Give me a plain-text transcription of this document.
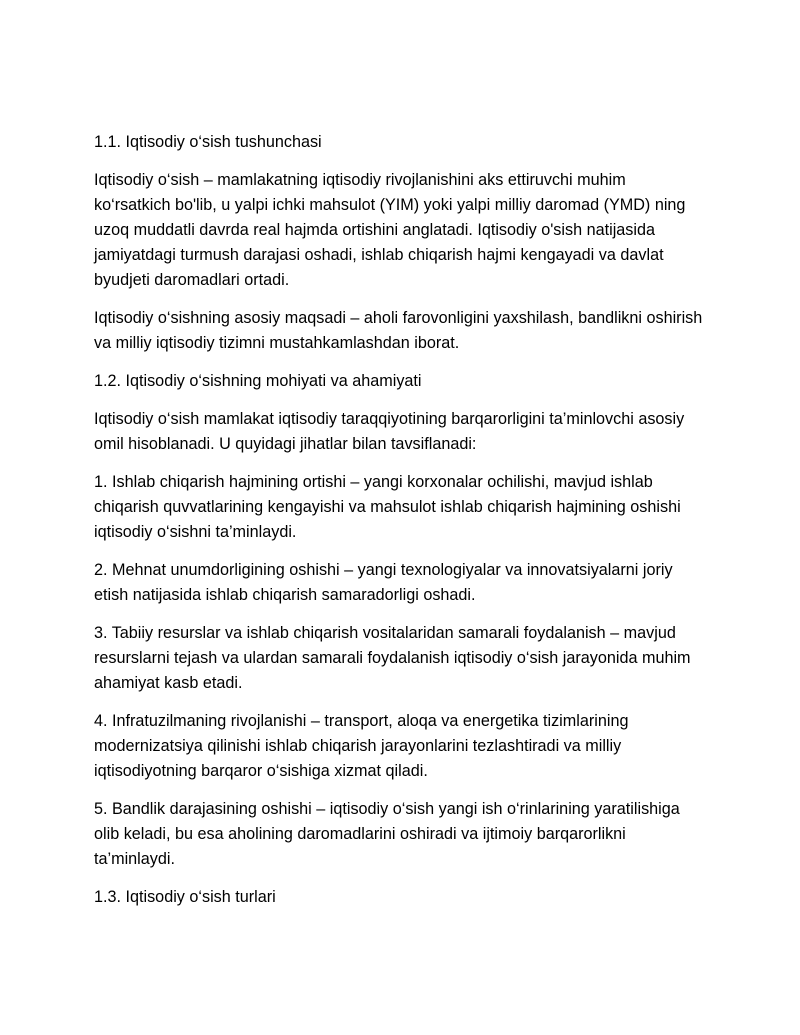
1.1. Iqtisodiy o‘sish tushunchasi

Iqtisodiy o‘sish – mamlakatning iqtisodiy rivojlanishini aks ettiruvchi muhim ko‘rsatkich bo'lib, u yalpi ichki mahsulot (YIM) yoki yalpi milliy daromad (YMD) ning uzoq muddatli davrda real hajmda ortishini anglatadi. Iqtisodiy o'sish natijasida jamiyatdagi turmush darajasi oshadi, ishlab chiqarish hajmi kengayadi va davlat byudjeti daromadlari ortadi.

Iqtisodiy o‘sishning asosiy maqsadi – aholi farovonligini yaxshilash, bandlikni oshirish va milliy iqtisodiy tizimni mustahkamlashdan iborat.

1.2. Iqtisodiy o‘sishning mohiyati va ahamiyati

Iqtisodiy o‘sish mamlakat iqtisodiy taraqqiyotining barqarorligini ta’minlovchi asosiy omil hisoblanadi. U quyidagi jihatlar bilan tavsiflanadi:

1. Ishlab chiqarish hajmining ortishi – yangi korxonalar ochilishi, mavjud ishlab chiqarish quvvatlarining kengayishi va mahsulot ishlab chiqarish hajmining oshishi iqtisodiy o‘sishni ta’minlaydi.

2. Mehnat unumdorligining oshishi – yangi texnologiyalar va innovatsiyalarni joriy etish natijasida ishlab chiqarish samaradorligi oshadi.

3. Tabiiy resurslar va ishlab chiqarish vositalaridan samarali foydalanish – mavjud resurslarni tejash va ulardan samarali foydalanish iqtisodiy o‘sish jarayonida muhim ahamiyat kasb etadi.

4. Infratuzilmaning rivojlanishi – transport, aloqa va energetika tizimlarining modernizatsiya qilinishi ishlab chiqarish jarayonlarini tezlashtiradi va milliy iqtisodiyotning barqaror o‘sishiga xizmat qiladi.

5. Bandlik darajasining oshishi – iqtisodiy o‘sish yangi ish o‘rinlarining yaratilishiga olib keladi, bu esa aholining daromadlarini oshiradi va ijtimoiy barqarorlikni ta’minlaydi.

1.3. Iqtisodiy o‘sish turlari
